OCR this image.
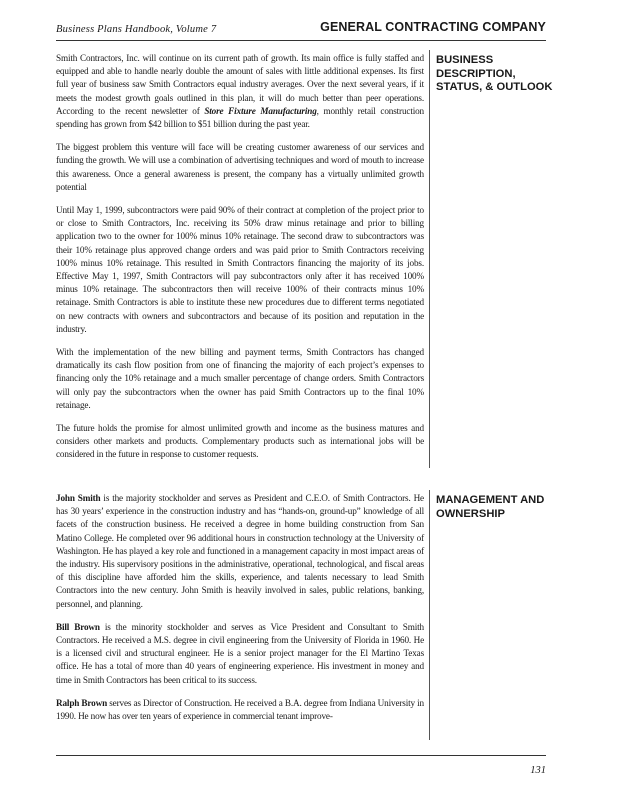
Business Plans Handbook, Volume 7	GENERAL CONTRACTING COMPANY
BUSINESS DESCRIPTION, STATUS, & OUTLOOK

Smith Contractors, Inc. will continue on its current path of growth. Its main office is fully staffed and equipped and able to handle nearly double the amount of sales with little additional expenses. Its first full year of business saw Smith Contractors equal industry averages. Over the next several years, if it meets the modest growth goals outlined in this plan, it will do much better than peer operations. According to the recent newsletter of Store Fixture Manufacturing, monthly retail construction spending has grown from $42 billion to $51 billion during the past year.

The biggest problem this venture will face will be creating customer awareness of our services and funding the growth. We will use a combination of advertising techniques and word of mouth to increase this awareness. Once a general awareness is present, the company has a virtually unlimited growth potential

Until May 1, 1999, subcontractors were paid 90% of their contract at completion of the project prior to or close to Smith Contractors, Inc. receiving its 50% draw minus retainage and prior to billing application two to the owner for 100% minus 10% retainage. The second draw to subcontractors was their 10% retainage plus approved change orders and was paid prior to Smith Contractors receiving 100% minus 10% retainage. This resulted in Smith Contractors financing the majority of its jobs. Effective May 1, 1997, Smith Contractors will pay subcontractors only after it has received 100% minus 10% retainage. The subcontractors then will receive 100% of their contracts minus 10% retainage. Smith Contractors is able to institute these new procedures due to different terms negotiated on new contracts with owners and subcontractors and because of its position and reputation in the industry.

With the implementation of the new billing and payment terms, Smith Contractors has changed dramatically its cash flow position from one of financing the majority of each project’s expenses to financing only the 10% retainage and a much smaller percentage of change orders. Smith Contractors will only pay the subcontractors when the owner has paid Smith Contractors up to the final 10% retainage.

The future holds the promise for almost unlimited growth and income as the business matures and considers other markets and products. Complementary products such as international jobs will be considered in the future in response to customer requests.

MANAGEMENT AND OWNERSHIP

John Smith is the majority stockholder and serves as President and C.E.O. of Smith Contractors. He has 30 years’ experience in the construction industry and has “hands-on, ground-up” knowledge of all facets of the construction business. He received a degree in home building construction from San Matino College. He completed over 96 additional hours in construction technology at the University of Washington. He has played a key role and functioned in a management capacity in most impact areas of the industry. His supervisory positions in the administrative, operational, technological, and fiscal areas of this discipline have afforded him the skills, experience, and talents necessary to lead Smith Contractors into the new century. John Smith is heavily involved in sales, public relations, banking, personnel, and planning.

Bill Brown is the minority stockholder and serves as Vice President and Consultant to Smith Contractors. He received a M.S. degree in civil engineering from the University of Florida in 1960. He is a licensed civil and structural engineer. He is a senior project manager for the El Martino Texas office. He has a total of more than 40 years of engineering experience. His investment in money and time in Smith Contractors has been critical to its success.

Ralph Brown serves as Director of Construction. He received a B.A. degree from Indiana University in 1990. He now has over ten years of experience in commercial tenant improve-

131
